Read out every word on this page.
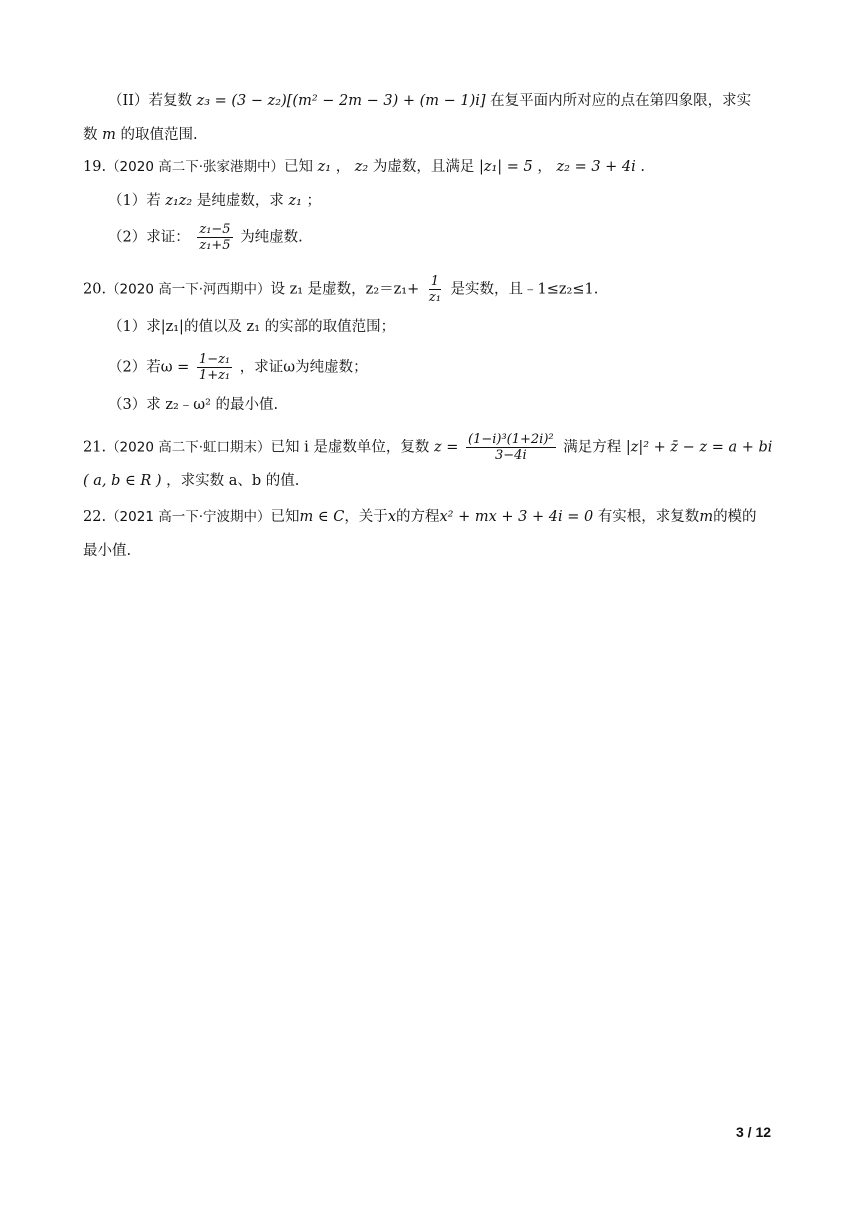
（II）若复数 z₃ = (3 − z₂)[(m² − 2m − 3) + (m − 1)i] 在复平面内所对应的点在第四象限，求实
数 m 的取值范围.
19.（2020 高二下·张家港期中）已知 z₁ ， z₂ 为虚数，且满足 |z₁| = 5 ， z₂ = 3 + 4i .
（1）若 z₁z₂ 是纯虚数，求 z₁ ；
（2）求证： $\frac{\text{z₁−5}}{\text{z₁+5}}$ 为纯虚数.
20.（2020 高一下·河西期中）设 z₁ 是虚数，$z_2=z_1+ \frac{1}{\text{z₁}}$ 是实数，且﹣1≤z₂≤1.
（1）求|z₁|的值以及 z₁ 的实部的取值范围；
（2）若$\omega = \frac{\text{1−z₁}}{\text{1+z₁}}$ ，求证ω为纯虚数；
（3）求 z₂﹣ω² 的最小值.
21.（2020 高二下·虹口期末）已知 i 是虚数单位，复数 $z = \frac{\text{(1−i)³(1+2i)²}}{3-4i}$ 满足方程 |z|² + z̄ − z = a + bi
( a, b ∈ R ) ，求实数 a、b 的值.
22.（2021 高一下·宁波期中）已知m ∈ C，关于x的方程x² + mx + 3 + 4i = 0 有实根，求复数m的模的
最小值.
3 / 12
